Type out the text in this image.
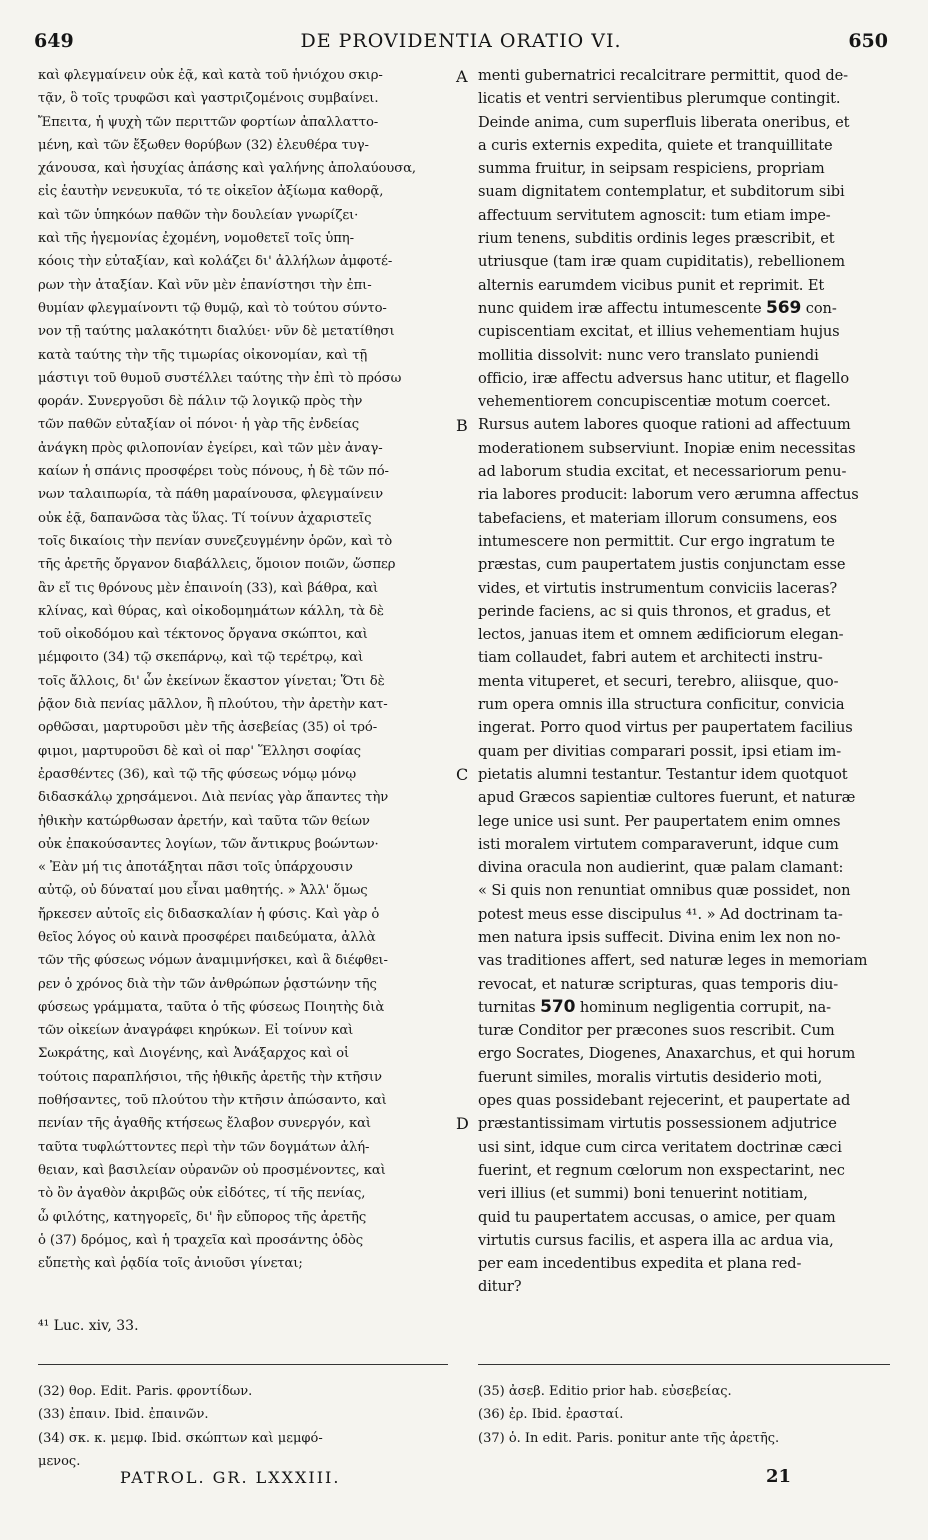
649	DE PROVIDENTIA ORATIO VI.	650
καὶ φλεγμαίνειν οὐκ ἐᾷ, καὶ κατὰ τοῦ ἡνιόχου σκιρ-
τᾷν, ὃ τοῖς τρυφῶσι καὶ γαστριζομένοις συμβαίνει.
Ἔπειτα, ἡ ψυχὴ τῶν περιττῶν φορτίων ἀπαλλαττο-
μένη, καὶ τῶν ἔξωθεν θορύβων (32) ἐλευθέρα τυγ-
χάνουσα, καὶ ἡσυχίας ἁπάσης καὶ γαλήνης ἀπολαύουσα,
εἰς ἑαυτὴν νενευκυῖα, τό τε οἰκεῖον ἀξίωμα καθορᾷ,
καὶ τῶν ὑπηκόων παθῶν τὴν δουλείαν γνωρίζει·
καὶ τῆς ἡγεμονίας ἐχομένη, νομοθετεῖ τοῖς ὑπη-
κόοις τὴν εὐταξίαν, καὶ κολάζει δι' ἀλλήλων ἀμφοτέ-
ρων τὴν ἀταξίαν. Καὶ νῦν μὲν ἐπανίστησι τὴν ἐπι-
θυμίαν φλεγμαίνοντι τῷ θυμῷ, καὶ τὸ τούτου σύντο-
νον τῇ ταύτης μαλακότητι διαλύει· νῦν δὲ μετατίθησι
κατὰ ταύτης τὴν τῆς τιμωρίας οἰκονομίαν, καὶ τῇ
μάστιγι τοῦ θυμοῦ συστέλλει ταύτης τὴν ἐπὶ τὸ πρόσω
φοράν. Συνεργοῦσι δὲ πάλιν τῷ λογικῷ πρὸς τὴν
τῶν παθῶν εὐταξίαν οἱ πόνοι· ἡ γὰρ τῆς ἐνδείας
ἀνάγκη πρὸς φιλοπονίαν ἐγείρει, καὶ τῶν μὲν ἀναγ-
καίων ἡ σπάνις προσφέρει τοὺς πόνους, ἡ δὲ τῶν πό-
νων ταλαιπωρία, τὰ πάθη μαραίνουσα, φλεγμαίνειν
οὐκ ἐᾷ, δαπανῶσα τὰς ὕλας. Τί τοίνυν ἀχαριστεῖς
τοῖς δικαίοις τὴν πενίαν συνεζευγμένην ὁρῶν, καὶ τὸ
τῆς ἀρετῆς ὄργανον διαβάλλεις, ὅμοιον ποιῶν, ὥσπερ
ἂν εἴ τις θρόνους μὲν ἐπαινοίη (33), καὶ βάθρα, καὶ
κλίνας, καὶ θύρας, καὶ οἰκοδομημάτων κάλλη, τὰ δὲ
τοῦ οἰκοδόμου καὶ τέκτονος ὄργανα σκώπτοι, καὶ
μέμφοιτο (34) τῷ σκεπάρνῳ, καὶ τῷ τερέτρῳ, καὶ
τοῖς ἄλλοις, δι' ὧν ἐκείνων ἕκαστον γίνεται; Ὅτι δὲ
ῥᾷον διὰ πενίας μᾶλλον, ἢ πλούτου, τὴν ἀρετὴν κατ-
ορθῶσαι, μαρτυροῦσι μὲν τῆς ἀσεβείας (35) οἱ τρό-
φιμοι, μαρτυροῦσι δὲ καὶ οἱ παρ' Ἕλλησι σοφίας
ἐρασθέντες (36), καὶ τῷ τῆς φύσεως νόμῳ μόνῳ
διδασκάλῳ χρησάμενοι. Διὰ πενίας γὰρ ἅπαντες τὴν
ἠθικὴν κατώρθωσαν ἀρετήν, καὶ ταῦτα τῶν θείων
οὐκ ἐπακούσαντες λογίων, τῶν ἄντικρυς βοώντων·
« Ἐὰν μή τις ἀποτάξηται πᾶσι τοῖς ὑπάρχουσιν
αὐτῷ, οὐ δύναταί μου εἶναι μαθητής. » Ἀλλ' ὅμως
ἤρκεσεν αὐτοῖς εἰς διδασκαλίαν ἡ φύσις. Καὶ γὰρ ὁ
θεῖος λόγος οὐ καινὰ προσφέρει παιδεύματα, ἀλλὰ
τῶν τῆς φύσεως νόμων ἀναμιμνήσκει, καὶ ἃ διέφθει-
ρεν ὁ χρόνος διὰ τὴν τῶν ἀνθρώπων ῥᾳστώνην τῆς
φύσεως γράμματα, ταῦτα ὁ τῆς φύσεως Ποιητὴς διὰ
τῶν οἰκείων ἀναγράφει κηρύκων. Εἰ τοίνυν καὶ
Σωκράτης, καὶ Διογένης, καὶ Ἀνάξαρχος καὶ οἱ
τούτοις παραπλήσιοι, τῆς ἠθικῆς ἀρετῆς τὴν κτῆσιν
ποθήσαντες, τοῦ πλούτου τὴν κτῆσιν ἀπώσαντο, καὶ
πενίαν τῆς ἀγαθῆς κτήσεως ἔλαβον συνεργόν, καὶ
ταῦτα τυφλώττοντες περὶ τὴν τῶν δογμάτων ἀλή-
θειαν, καὶ βασιλείαν οὐρανῶν οὐ προσμένοντες, καὶ
τὸ ὂν ἀγαθὸν ἀκριβῶς οὐκ εἰδότες, τί τῆς πενίας,
ὦ φιλότης, κατηγορεῖς, δι' ἣν εὔπορος τῆς ἀρετῆς
ὁ (37) δρόμος, καὶ ἡ τραχεῖα καὶ προσάντης ὁδὸς
εὔπετὴς καὶ ῥᾳδία τοῖς ἀνιοῦσι γίνεται;
menti gubernatrici recalcitrare permittit, quod de-
licatis et ventri servientibus plerumque contingit.
Deinde anima, cum superfluis liberata oneribus, et
a curis externis expedita, quiete et tranquillitate
summa fruitur, in seipsam respiciens, propriam
suam dignitatem contemplatur, et subditorum sibi
affectuum servitutem agnoscit: tum etiam impe-
rium tenens, subditis ordinis leges præscribit, et
utriusque (tam iræ quam cupiditatis), rebellionem
alternis earumdem vicibus punit et reprimit. Et
nunc quidem iræ affectu intumescente 569 con-
cupiscentiam excitat, et illius vehementiam hujus
mollitia dissolvit: nunc vero translato puniendi
officio, iræ affectu adversus hanc utitur, et flagello
vehementiorem concupiscentiæ motum coercet.
Rursus autem labores quoque rationi ad affectuum
moderationem subserviunt. Inopiæ enim necessitas
ad laborum studia excitat, et necessariorum penu-
ria labores producit: laborum vero ærumna affectus
tabefaciens, et materiam illorum consumens, eos
intumescere non permittit. Cur ergo ingratum te
præstas, cum paupertatem justis conjunctam esse
vides, et virtutis instrumentum conviciis laceras?
perinde faciens, ac si quis thronos, et gradus, et
lectos, januas item et omnem ædificiorum elegan-
tiam collaudet, fabri autem et architecti instru-
menta vituperet, et securi, terebro, aliisque, quo-
rum opera omnis illa structura conficitur, convicia
ingerat. Porro quod virtus per paupertatem facilius
quam per divitias comparari possit, ipsi etiam im-
pietatis alumni testantur. Testantur idem quotquot
apud Græcos sapientiæ cultores fuerunt, et naturæ
lege unice usi sunt. Per paupertatem enim omnes
isti moralem virtutem comparaverunt, idque cum
divina oracula non audierint, quæ palam clamant:
« Si quis non renuntiat omnibus quæ possidet, non
potest meus esse discipulus ⁴¹. » Ad doctrinam ta-
men natura ipsis suffecit. Divina enim lex non no-
vas traditiones affert, sed naturæ leges in memoriam
revocat, et naturæ scripturas, quas temporis diu-
turnitas 570 hominum negligentia corrupit, na-
turæ Conditor per præcones suos rescribit. Cum
ergo Socrates, Diogenes, Anaxarchus, et qui horum
fuerunt similes, moralis virtutis desiderio moti,
opes quas possidebant rejecerint, et paupertate ad
præstantissimam virtutis possessionem adjutrice
usi sint, idque cum circa veritatem doctrinæ cæci
fuerint, et regnum cœlorum non exspectarint, nec
veri illius (et summi) boni tenuerint notitiam,
quid tu paupertatem accusas, o amice, per quam
virtutis cursus facilis, et aspera illa ac ardua via,
per eam incedentibus expedita et plana red-
ditur?
A
B
C
D
⁴¹ Luc. xiv, 33.
(32) θορ. Edit. Paris. φροντίδων.
(33) ἐπαιν. Ibid. ἐπαινῶν.
(34) σκ. κ. μεμφ. Ibid. σκώπτων καὶ μεμφό-
μενος.
(35) ἀσεβ. Editio prior hab. εὐσεβείας.
(36) ἐρ. Ibid. ἐρασταί.
(37) ὁ. In edit. Paris. ponitur ante τῆς ἀρετῆς.
PATROL. GR. LXXXIII.	21
